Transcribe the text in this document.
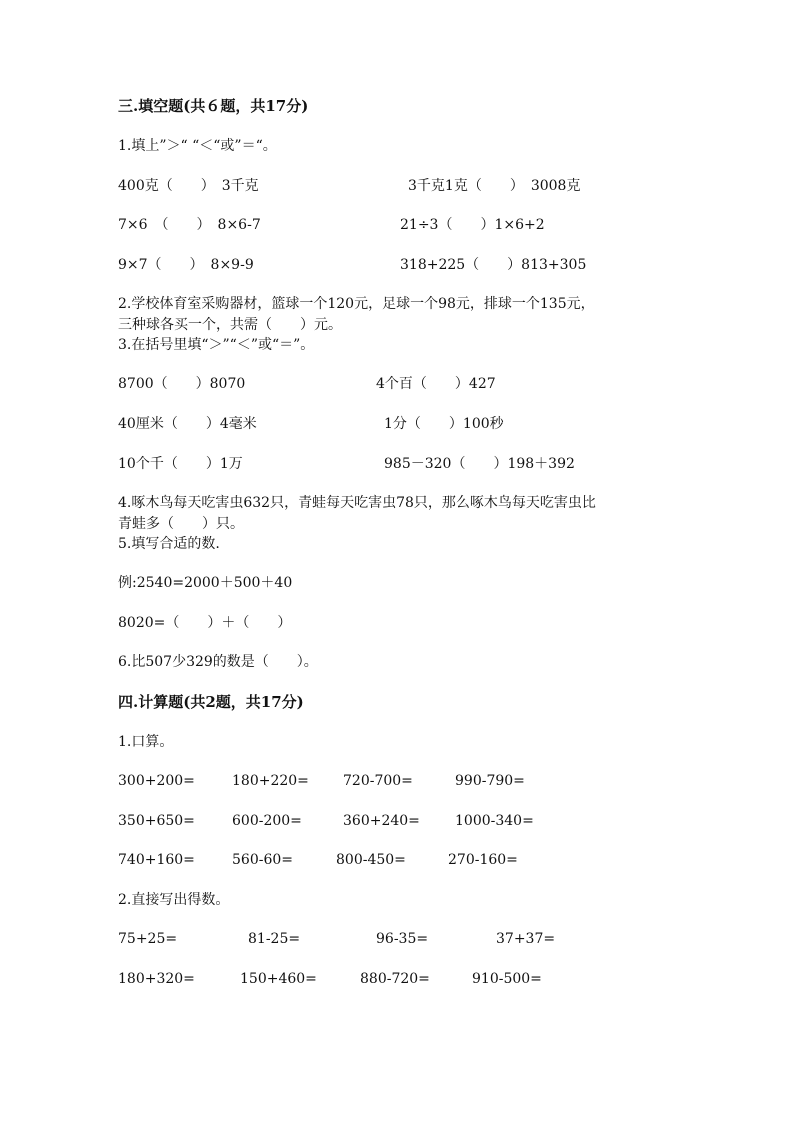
三.填空题(共６题，共17分)
1.填上”＞“ “＜“或”＝“。
400克（　　）　3千克	3千克1克（　　）　3008克
7×6　（　　）　8×6-7	21÷3（　　）1×6+2
9×7（　　）　8×9-9	318+225（　　）813+305
2.学校体育室采购器材，篮球一个120元，足球一个98元，排球一个135元，
三种球各买一个，共需（　　）元。
3.在括号里填“＞”“＜”或“＝”。
8700（　　）8070	4个百（　　）427
40厘米（　　）4毫米	1分（　　）100秒
10个千（　　）1万	985－320（　　）198＋392
4.啄木鸟每天吃害虫632只，青蛙每天吃害虫78只，那么啄木鸟每天吃害虫比
青蛙多（　　）只。
5.填写合适的数.
例:2540=2000＋500＋40
8020=（　　）＋（　　）
6.比507少329的数是（　　）。
四.计算题(共2题，共17分)
1.口算。
300+200=	180+220= 720-700=	990-790=
350+650=	600-200=	360+240=	1000-340=
740+160=	560-60=	800-450=	270-160=
2.直接写出得数。
75+25=	81-25=	96-35=	37+37=
180+320=	150+460=	880-720=	910-500=
